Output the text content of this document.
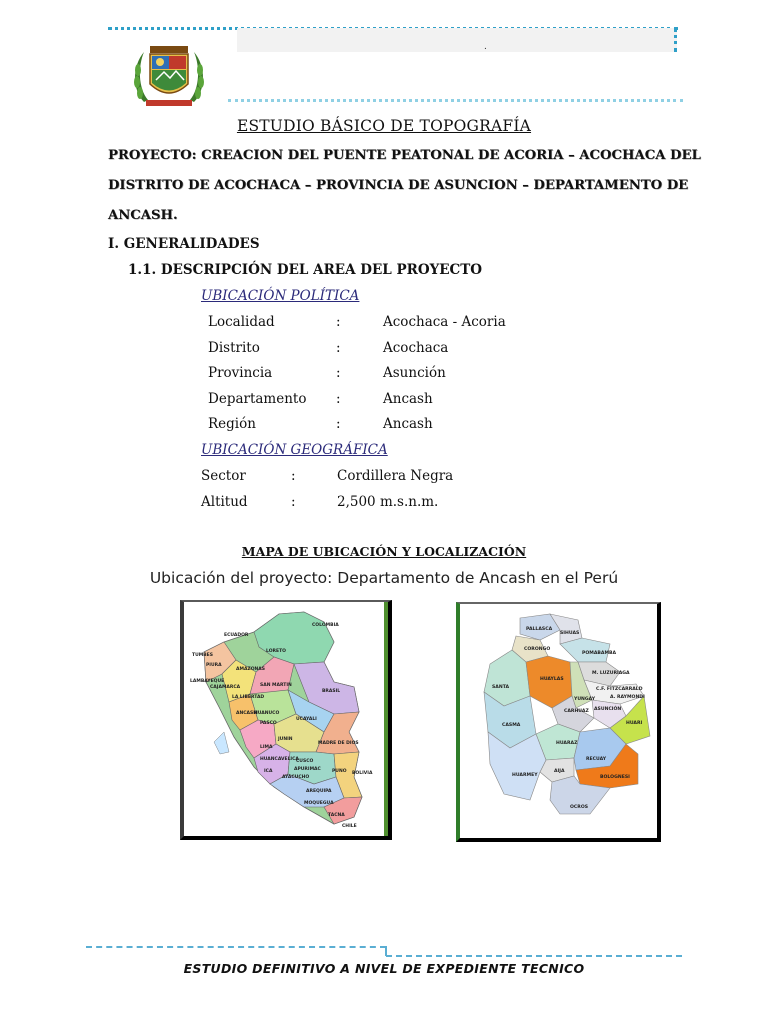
.
ESTUDIO BÁSICO DE TOPOGRAFÍA
PROYECTO: CREACION DEL PUENTE PEATONAL DE ACORIA – ACOCHACA DEL
DISTRITO DE ACOCHACA – PROVINCIA DE ASUNCION – DEPARTAMENTO DE
ANCASH.
I. GENERALIDADES
1.1. DESCRIPCIÓN DEL AREA DEL PROYECTO
UBICACIÓN POLÍTICA
Localidad	:	Acochaca - Acoria
Distrito	:	Acochaca
Provincia	:	Asunción
Departamento :	Ancash
Región	:	Ancash
UBICACIÓN GEOGRÁFICA
Sector	:	Cordillera Negra
Altitud	:	2,500 m.s.n.m.
MAPA DE UBICACIÓN Y LOCALIZACIÓN
Ubicación del proyecto: Departamento de Ancash en el Perú
ECUADOR
COLOMBIA
TUMBES
PIURA
LAMBAYEQUE
CAJAMARCA
AMAZONAS
LORETO
LA LIBERTAD
SAN MARTIN
ANCASH
HUANUCO
PASCO
UCAYALI
BRASIL
LIMA
JUNIN
HUANCAVELICA
CUSCO
MADRE DE DIOS
ICA
AYACUCHO
APURIMAC PUNO BOLIVIA
AREQUIPA
MOQUEGUA
TACNA
CHILE
PALLASCA
SIHUAS
CORONGO
POMABAMBA
M. LUZURIAGA
SANTA
HUAYLAS
C.F. FITZCARRALD
A. RAYMONDI
YUNGAY
CARHUAZ ASUNCIÓN
HUARI
CASMA
HUARAZ
AIJA
RECUAY
HUARMEY	BOLOGNESI
OCROS
ESTUDIO DEFINITIVO A NIVEL DE EXPEDIENTE TECNICO
